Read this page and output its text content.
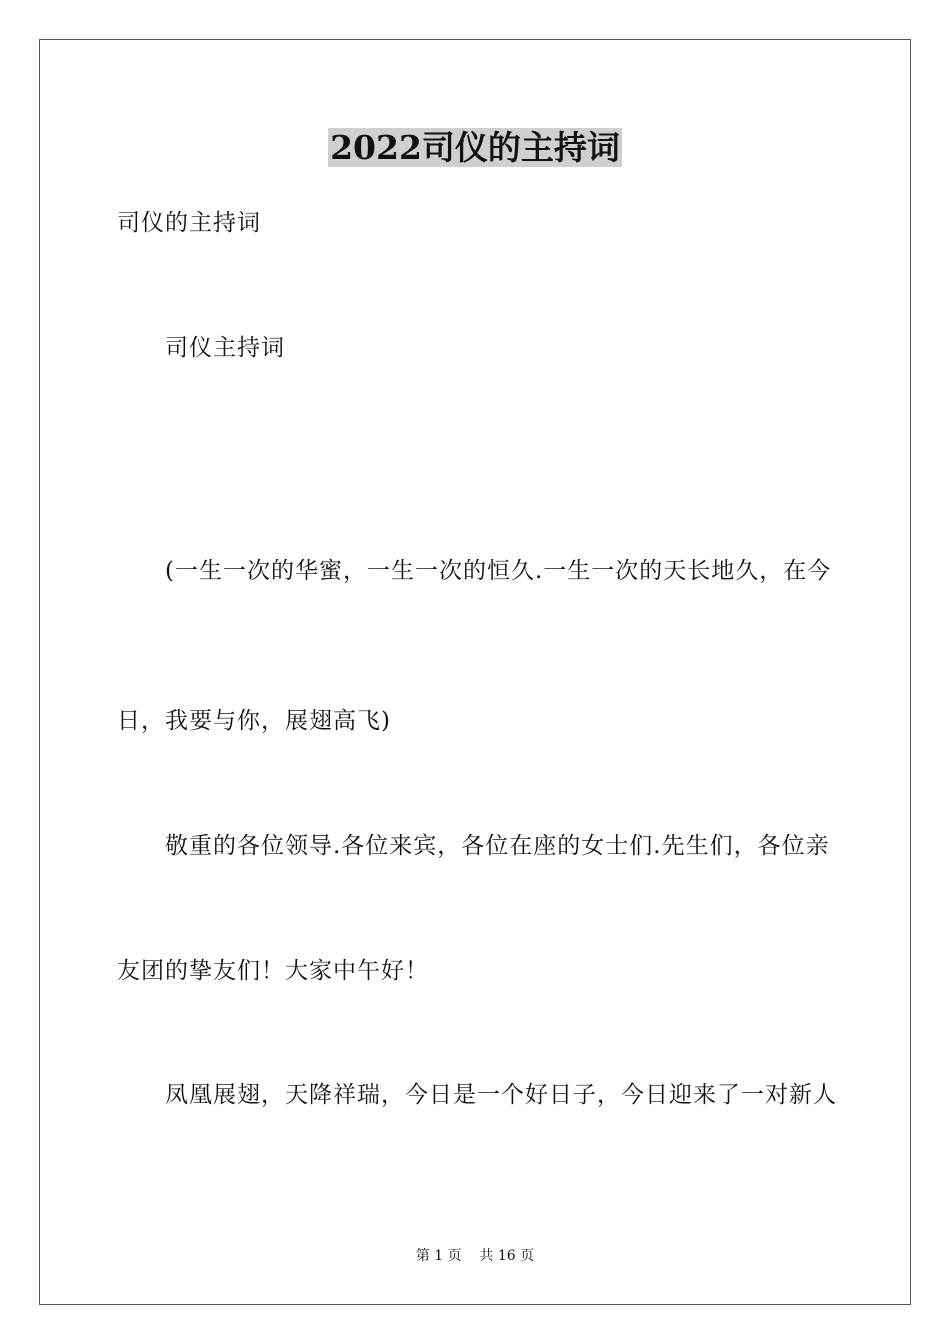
2022司仪的主持词
司仪的主持词
司仪主持词
(一生一次的华蜜，一生一次的恒久.一生一次的天长地久，在今
日，我要与你，展翅高飞)
敬重的各位领导.各位来宾，各位在座的女士们.先生们，各位亲
友团的挚友们！大家中午好！
凤凰展翅，天降祥瑞，今日是一个好日子，今日迎来了一对新人
第 1 页    共 16 页
